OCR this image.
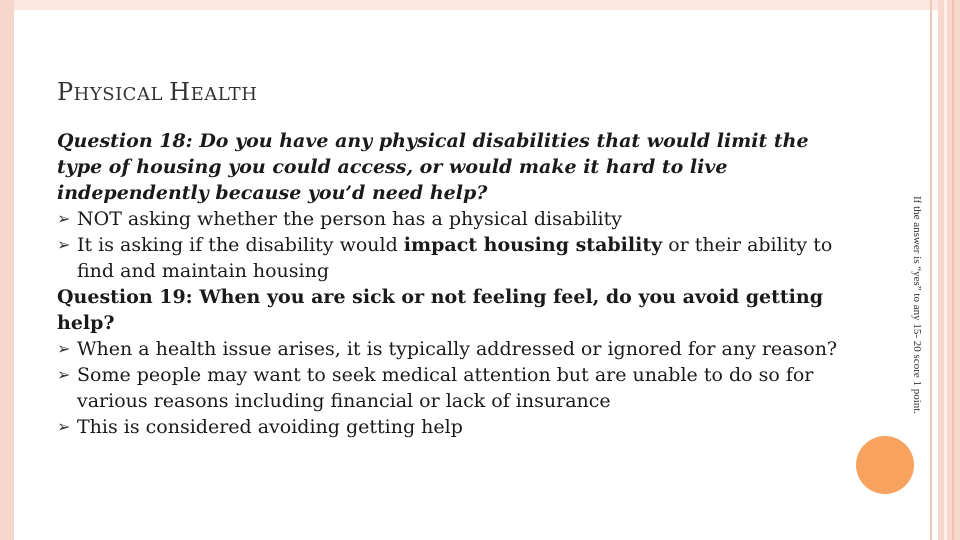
PHYSICAL HEALTH

Question 18: Do you have any physical disabilities that would limit the type of housing you could access, or would make it hard to live independently because you’d need help?

➢ NOT asking whether the person has a physical disability

➢ It is asking if the disability would impact housing stability or their ability to find and maintain housing

Question 19: When you are sick or not feeling feel, do you avoid getting help?

➢ When a health issue arises, it is typically addressed or ignored for any reason?

➢ Some people may want to seek medical attention but are unable to do so for various reasons including financial or lack of insurance

➢ This is considered avoiding getting help

If the answer is “yes” to any 15- 20 score 1 point.
